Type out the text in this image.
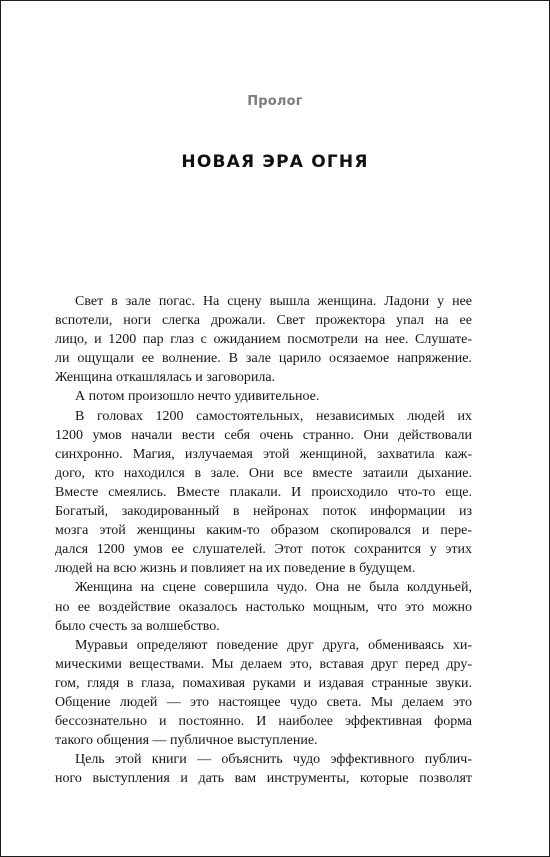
Пролог
НОВАЯ ЭРА ОГНЯ
Свет в зале погас. На сцену вышла женщина. Ладони у нее
вспотели, ноги слегка дрожали. Свет прожектора упал на ее
лицо, и 1200 пар глаз с ожиданием посмотрели на нее. Слушате-
ли ощущали ее волнение. В зале царило осязаемое напряжение.
Женщина откашлялась и заговорила.
А потом произошло нечто удивительное.
В головах 1200 самостоятельных, независимых людей их
1200 умов начали вести себя очень странно. Они действовали
синхронно. Магия, излучаемая этой женщиной, захватила каж-
дого, кто находился в зале. Они все вместе затаили дыхание.
Вместе смеялись. Вместе плакали. И происходило что-то еще.
Богатый, закодированный в нейронах поток информации из
мозга этой женщины каким-то образом скопировался и пере-
дался 1200 умов ее слушателей. Этот поток сохранится у этих
людей на всю жизнь и повлияет на их поведение в будущем.
Женщина на сцене совершила чудо. Она не была колдуньей,
но ее воздействие оказалось настолько мощным, что это можно
было счесть за волшебство.
Муравьи определяют поведение друг друга, обмениваясь хи-
мическими веществами. Мы делаем это, вставая друг перед дру-
гом, глядя в глаза, помахивая руками и издавая странные звуки.
Общение людей — это настоящее чудо света. Мы делаем это
бессознательно и постоянно. И наиболее эффективная форма
такого общения — публичное выступление.
Цель этой книги — объяснить чудо эффективного публич-
ного выступления и дать вам инструменты, которые позволят
